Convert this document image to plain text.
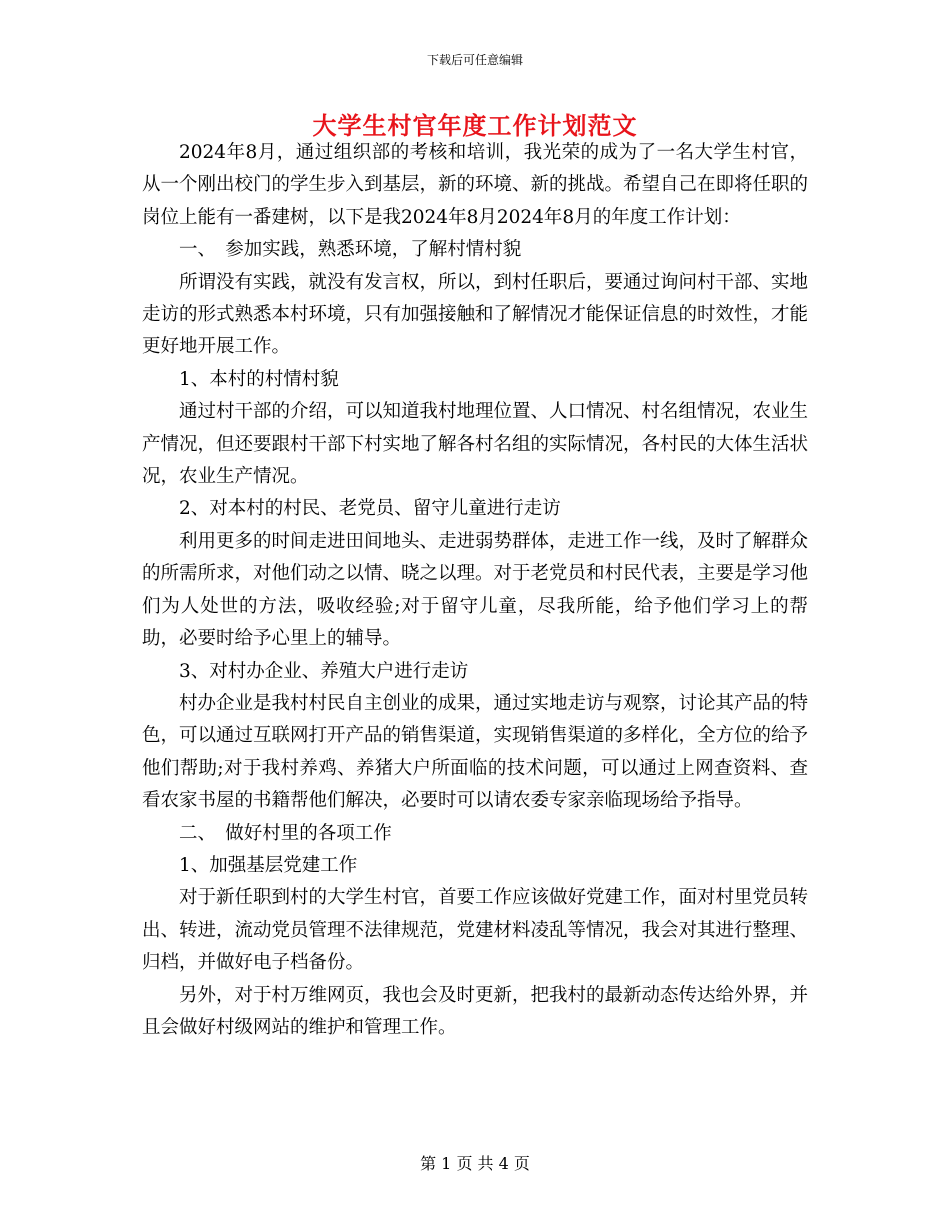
下载后可任意编辑
大学生村官年度工作计划范文

2024年8月，通过组织部的考核和培训，我光荣的成为了一名大学生村官，从一个刚出校门的学生步入到基层，新的环境、新的挑战。希望自己在即将任职的岗位上能有一番建树，以下是我2024年8月2024年8月的年度工作计划：

一、　参加实践，熟悉环境，了解村情村貌

所谓没有实践，就没有发言权，所以，到村任职后，要通过询问村干部、实地走访的形式熟悉本村环境，只有加强接触和了解情况才能保证信息的时效性，才能更好地开展工作。

1、本村的村情村貌

通过村干部的介绍，可以知道我村地理位置、人口情况、村名组情况，农业生产情况，但还要跟村干部下村实地了解各村名组的实际情况，各村民的大体生活状况，农业生产情况。

2、对本村的村民、老党员、留守儿童进行走访

利用更多的时间走进田间地头、走进弱势群体，走进工作一线，及时了解群众的所需所求，对他们动之以情、晓之以理。对于老党员和村民代表，主要是学习他们为人处世的方法，吸收经验;对于留守儿童，尽我所能，给予他们学习上的帮助，必要时给予心里上的辅导。

3、对村办企业、养殖大户进行走访

村办企业是我村村民自主创业的成果，通过实地走访与观察，讨论其产品的特色，可以通过互联网打开产品的销售渠道，实现销售渠道的多样化，全方位的给予他们帮助;对于我村养鸡、养猪大户所面临的技术问题，可以通过上网查资料、查看农家书屋的书籍帮他们解决，必要时可以请农委专家亲临现场给予指导。

二、　做好村里的各项工作

1、加强基层党建工作

对于新任职到村的大学生村官，首要工作应该做好党建工作，面对村里党员转出、转进，流动党员管理不法律规范，党建材料凌乱等情况，我会对其进行整理、归档，并做好电子档备份。

另外，对于村万维网页，我也会及时更新，把我村的最新动态传达给外界，并且会做好村级网站的维护和管理工作。

第 1 页 共 4 页
